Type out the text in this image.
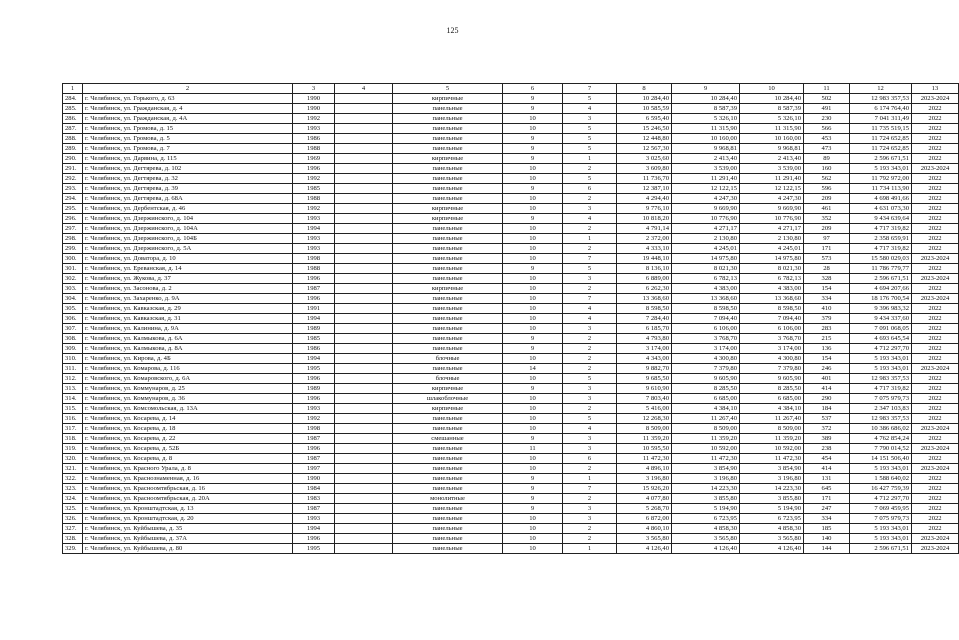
125
1	2	3	4	5	6	7	8	9	10	11	12	13
284.	г. Челябинск, ул. Горького, д. 63	1990		кирпичные	9	5	10 284,40	10 284,40	10 284,40	502	12 983 357,53	2023-2024
285.	г. Челябинск, ул. Гражданская, д. 4	1990		панельные	9	4	10 585,59	8 587,39	8 587,39	491	6 174 764,40	2022
286.	г. Челябинск, ул. Гражданская, д. 4А	1992		панельные	10	3	6 595,40	5 326,10	5 326,10	230	7 041 311,49	2022
287.	г. Челябинск, ул. Громова, д. 15	1993		панельные	10	5	15 246,50	11 315,90	11 315,90	566	11 735 519,15	2022
288.	г. Челябинск, ул. Громова, д. 5	1986		панельные	9	5	12 448,80	10 160,00	10 160,00	453	11 724 652,85	2022
289.	г. Челябинск, ул. Громова, д. 7	1988		панельные	9	5	12 567,30	9 968,81	9 968,81	473	11 724 652,85	2022
290.	г. Челябинск, ул. Дарвина, д. 115	1969		кирпичные	9	1	3 025,60	2 413,40	2 413,40	89	2 596 671,51	2022
291.	г. Челябинск, ул. Дегтярева, д. 102	1996		панельные	10	2	3 609,80	3 539,00	3 539,00	160	5 193 343,01	2023-2024
292.	г. Челябинск, ул. Дегтярева, д. 32	1992		панельные	10	5	11 736,70	11 291,40	11 291,40	562	11 792 972,00	2022
293.	г. Челябинск, ул. Дегтярева, д. 39	1985		панельные	9	6	12 387,10	12 122,15	12 122,15	596	11 734 113,90	2022
294.	г. Челябинск, ул. Дегтярева, д. 68А	1988		панельные	10	2	4 294,40	4 247,30	4 247,30	209	4 698 491,66	2022
295.	г. Челябинск, ул. Дербентская, д. 46	1992		кирпичные	10	3	9 776,10	9 669,90	9 669,90	461	4 631 073,30	2022
296.	г. Челябинск, ул. Дзержинского, д. 104	1993		кирпичные	9	4	10 818,20	10 776,90	10 776,90	352	9 434 639,64	2022
297.	г. Челябинск, ул. Дзержинского, д. 104А	1994		панельные	10	2	4 791,14	4 271,17	4 271,17	209	4 717 319,82	2022
298.	г. Челябинск, ул. Дзержинского, д. 104Б	1993		панельные	10	1	2 372,00	2 130,80	2 130,80	97	2 358 659,91	2022
299.	г. Челябинск, ул. Дзержинского, д. 5А	1993		панельные	10	2	4 333,10	4 245,01	4 245,01	171	4 717 319,82	2022
300.	г. Челябинск, ул. Доватора, д. 10	1998		панельные	10	7	19 448,10	14 975,80	14 975,80	573	15 580 029,03	2023-2024
301.	г. Челябинск, ул. Ереванская, д. 14	1988		панельные	9	5	8 136,10	8 021,30	8 021,30	28	11 786 779,77	2022
302.	г. Челябинск, ул. Жукова, д. 37	1996		панельные	10	3	6 889,00	6 782,13	6 782,13	328	2 596 671,51	2023-2024
303.	г. Челябинск, ул. Засонова, д. 2	1987		кирпичные	10	2	6 262,30	4 383,00	4 383,00	154	4 694 207,66	2022
304.	г. Челябинск, ул. Захаренко, д. 9А	1996		панельные	10	7	13 368,60	13 368,60	13 368,60	334	18 176 700,54	2023-2024
305.	г. Челябинск, ул. Кавказская, д. 29	1991		панельные	10	4	8 598,50	8 598,50	8 598,50	410	9 396 983,32	2022
306.	г. Челябинск, ул. Кавказская, д. 31	1994		панельные	10	4	7 284,40	7 094,40	7 094,40	379	9 434 337,60	2022
307.	г. Челябинск, ул. Калинина, д. 9А	1989		панельные	10	3	6 185,70	6 106,00	6 106,00	283	7 091 068,05	2022
308.	г. Челябинск, ул. Калмыкова, д. 6А	1985		панельные	9	2	4 793,80	3 768,70	3 768,70	215	4 693 645,54	2022
309.	г. Челябинск, ул. Калмыкова, д. 8А	1986		панельные	9	2	3 174,00	3 174,00	3 174,00	136	4 712 297,70	2022
310.	г. Челябинск, ул. Кирова, д. 4Б	1994		блочные	10	2	4 343,00	4 300,80	4 300,80	154	5 193 343,01	2022
311.	г. Челябинск, ул. Комарова, д. 116	1995		панельные	14	2	9 882,70	7 379,80	7 379,80	246	5 193 343,01	2023-2024
312.	г. Челябинск, ул. Комаровского, д. 6А	1996		блочные	10	5	9 685,50	9 605,90	9 605,90	401	12 983 357,53	2022
313.	г. Челябинск, ул. Коммунаров, д. 25	1989		кирпичные	9	3	9 610,90	8 285,50	8 285,50	414	4 717 319,82	2022
314.	г. Челябинск, ул. Коммунаров, д. 36	1996		шлакоблочные	10	3	7 803,40	6 685,00	6 685,00	290	7 075 979,73	2022
315.	г. Челябинск, ул. Комсомольская, д. 13А	1993		кирпичные	10	2	5 416,00	4 384,10	4 384,10	184	2 347 103,83	2022
316.	г. Челябинск, ул. Косарева, д. 14	1992		панельные	10	5	12 268,30	11 267,40	11 267,40	537	12 983 357,53	2022
317.	г. Челябинск, ул. Косарева, д. 18	1998		панельные	10	4	8 509,00	8 509,00	8 509,00	372	10 386 686,02	2023-2024
318.	г. Челябинск, ул. Косарева, д. 22	1987		смешанные	9	3	11 359,20	11 359,20	11 359,20	389	4 762 854,24	2022
319.	г. Челябинск, ул. Косарева, д. 52Б	1996		панельные	11	3	10 595,50	10 592,00	10 592,00	238	7 790 014,52	2023-2024
320.	г. Челябинск, ул. Косарева, д. 8	1987		панельные	10	6	11 472,30	11 472,30	11 472,30	454	14 151 506,40	2022
321.	г. Челябинск, ул. Красного Урала, д. 8	1997		панельные	10	2	4 896,10	3 854,90	3 854,90	414	5 193 343,01	2023-2024
322.	г. Челябинск, ул. Краснознаменная, д. 16	1990		панельные	9	1	3 196,80	3 196,80	3 196,80	131	1 588 640,02	2022
323.	г. Челябинск, ул. Красноомтябрьская, д. 16	1984		панельные	9	7	15 926,20	14 223,30	14 223,30	645	16 427 759,39	2022
324.	г. Челябинск, ул. Красноомтябрьская, д. 20А	1983		монолитные	9	2	4 077,80	3 855,80	3 855,80	171	4 712 297,70	2022
325.	г. Челябинск, ул. Кронштадтская, д. 13	1987		панельные	9	3	5 268,70	5 194,90	5 194,90	247	7 069 459,95	2022
326.	г. Челябинск, ул. Кронштадтская, д. 20	1993		панельные	10	3	6 872,00	6 723,95	6 723,95	334	7 075 979,73	2022
327.	г. Челябинск, ул. Куйбышева, д. 35	1994		панельные	10	2	4 860,10	4 858,30	4 858,30	185	5 193 343,01	2022
328.	г. Челябинск, ул. Куйбышева, д. 37А	1996		панельные	10	2	3 565,80	3 565,80	3 565,80	140	5 193 343,01	2023-2024
329.	г. Челябинск, ул. Куйбышева, д. 80	1995		панельные	10	1	4 126,40	4 126,40	4 126,40	144	2 596 671,51	2023-2024
